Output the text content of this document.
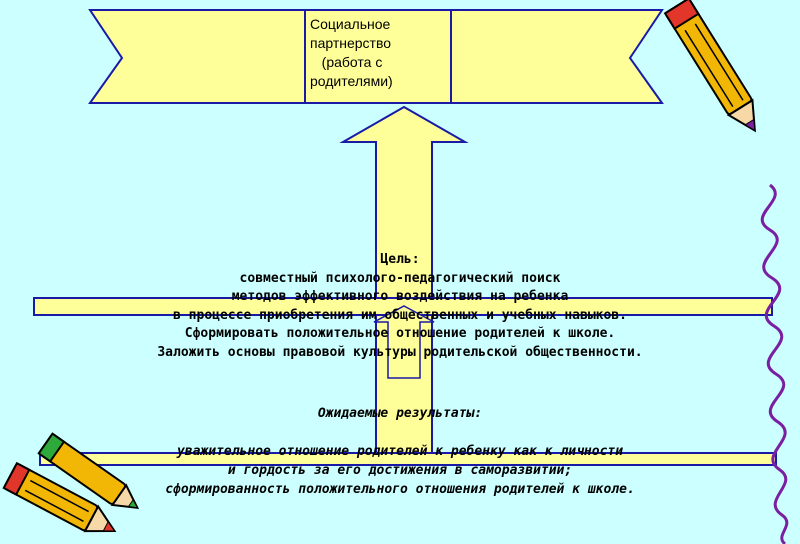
Социальное
партнерство
(работа с
родителями)
Цель:
совместный психолого-педагогический поиск
методов эффективного воздействия на ребенка
в процессе приобретения им общественных и учебных навыков.
Сформировать положительное отношение родителей к школе.
Заложить основы правовой культуры родительской общественности.
Ожидаемые результаты:
уважительное отношение родителей к ребенку как к личности
и гордость за его достижения в саморазвитии;
сформированность положительного отношения родителей к школе.
